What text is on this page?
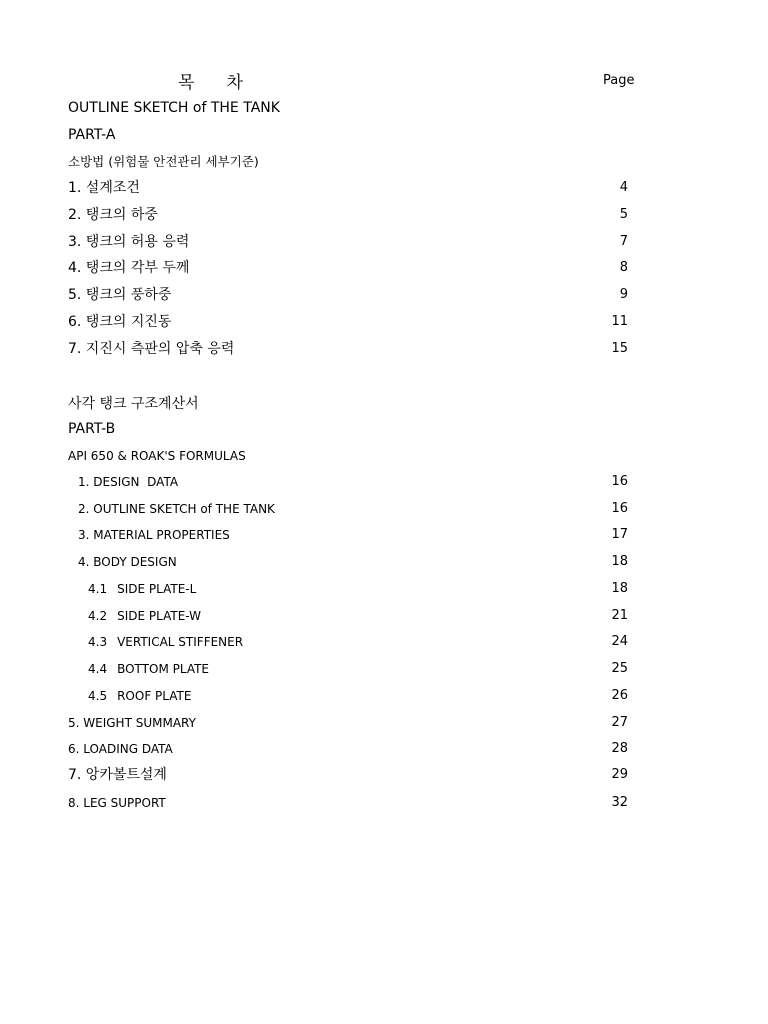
목 차	Page
OUTLINE SKETCH of THE TANK
PART-A
소방법 (위험물 안전관리 세부기준)
1. 설계조건	4
2. 탱크의 하중	5
3. 탱크의 허용 응력	7
4. 탱크의 각부 두께	8
5. 탱크의 풍하중	9
6. 탱크의 지진동	11
7. 지진시 측판의 압축 응력	15
사각 탱크 구조계산서
PART-B
API 650 & ROAK'S FORMULAS
1. DESIGN  DATA	16
2. OUTLINE SKETCH of THE TANK	16
3. MATERIAL PROPERTIES	17
4. BODY DESIGN	18
4.1 SIDE PLATE-L	18
4.2 SIDE PLATE-W	21
4.3 VERTICAL STIFFENER	24
4.4 BOTTOM PLATE	25
4.5 ROOF PLATE	26
5. WEIGHT SUMMARY	27
6. LOADING DATA	28
7. 앙카볼트설계	29
8. LEG SUPPORT	32
